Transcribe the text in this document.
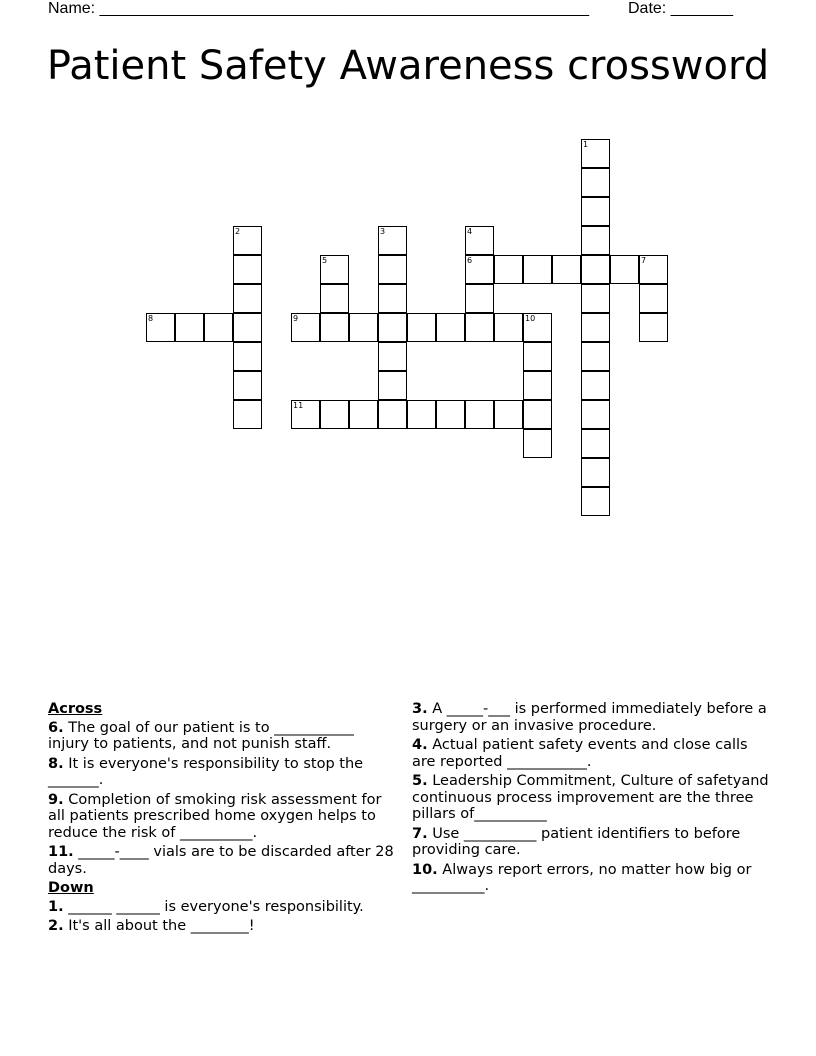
Name: _______________________________________________________ Date: _______
Patient Safety Awareness crossword
1
2	3	4
6
5	7
8	9	10
11
Across
6. The goal of our patient is to ___________ injury to patients, and not punish staff.
8. It is everyone's responsibility to stop the _______.
9. Completion of smoking risk assessment for all patients prescribed home oxygen helps to reduce the risk of __________.
11. _____-____ vials are to be discarded after 28 days.
Down
1. ______ ______ is everyone's responsibility.
2. It's all about the ________!
3. A _____-___ is performed immediately before a surgery or an invasive procedure.
4. Actual patient safety events and close calls are reported ___________.
5. Leadership Commitment, Culture of safetyand continuous process improvement are the three pillars of__________
7. Use __________ patient identifiers to before providing care.
10. Always report errors, no matter how big or __________.
